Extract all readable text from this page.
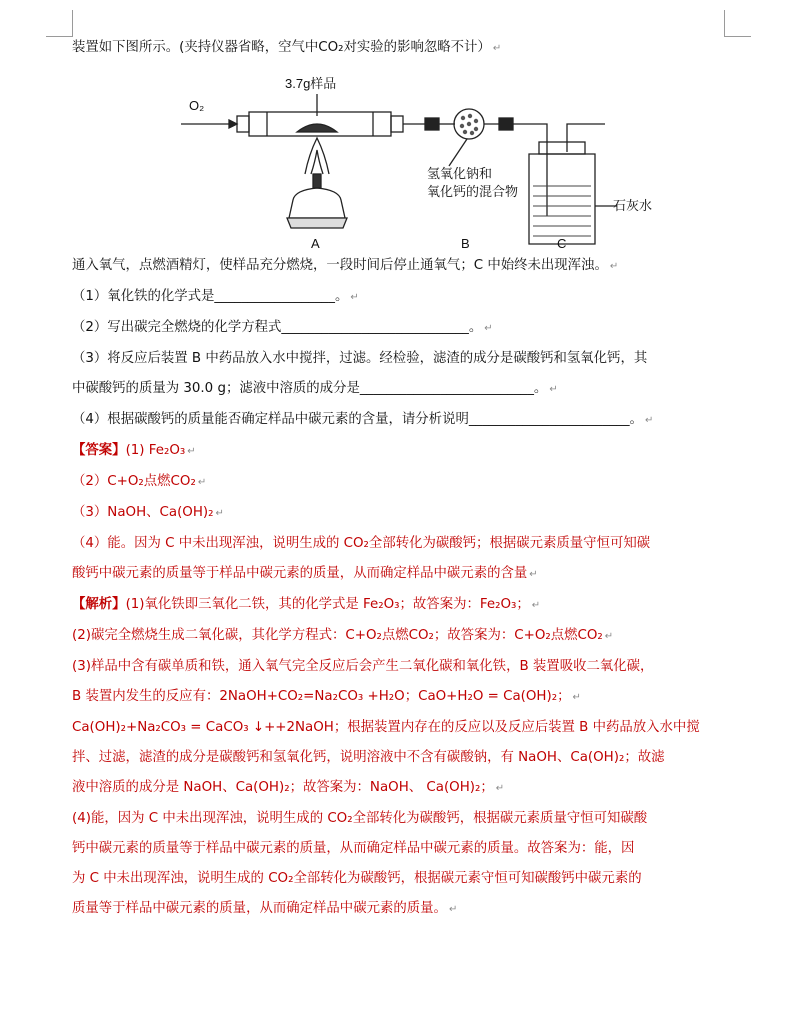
装置如下图所示。(夹持仪器省略，空气中CO₂对实验的影响忽略不计） ↵
O₂
3.7g样品
氢氧化钠和
氧化钙的混合物
石灰水
A	B	C
通入氧气，点燃酒精灯，使样品充分燃烧，一段时间后停止通氧气；C 中始终未出现浑浊。 ↵
（1）氧化铁的化学式是__________________。 ↵
（2）写出碳完全燃烧的化学方程式____________________________。 ↵
（3）将反应后装置 B 中药品放入水中搅拌，过滤。经检验，滤渣的成分是碳酸钙和氢氧化钙，其
中碳酸钙的质量为 30.0 g；滤液中溶质的成分是__________________________。 ↵
（4）根据碳酸钙的质量能否确定样品中碳元素的含量，请分析说明________________________。 ↵
【答案】(1) Fe₂O₃ ↵
（2）C+O₂点燃CO₂ ↵
（3）NaOH、Ca(OH)₂ ↵
（4）能。因为 C 中未出现浑浊，说明生成的 CO₂全部转化为碳酸钙；根据碳元素质量守恒可知碳
酸钙中碳元素的质量等于样品中碳元素的质量，从而确定样品中碳元素的含量 ↵
【解析】(1)氧化铁即三氧化二铁，其的化学式是 Fe₂O₃；故答案为：Fe₂O₃； ↵
(2)碳完全燃烧生成二氧化碳，其化学方程式：C+O₂点燃CO₂；故答案为：C+O₂点燃CO₂ ↵
(3)样品中含有碳单质和铁，通入氧气完全反应后会产生二氧化碳和氧化铁，B 装置吸收二氧化碳，
B 装置内发生的反应有：2NaOH+CO₂=Na₂CO₃ +H₂O；CaO+H₂O = Ca(OH)₂； ↵
Ca(OH)₂+Na₂CO₃ = CaCO₃ ↓++2NaOH；根据装置内存在的反应以及反应后装置 B 中药品放入水中搅
拌、过滤，滤渣的成分是碳酸钙和氢氧化钙，说明溶液中不含有碳酸钠，有 NaOH、Ca(OH)₂；故滤
液中溶质的成分是 NaOH、Ca(OH)₂；故答案为：NaOH、 Ca(OH)₂； ↵
(4)能，因为 C 中未出现浑浊，说明生成的 CO₂全部转化为碳酸钙，根据碳元素质量守恒可知碳酸
钙中碳元素的质量等于样品中碳元素的质量，从而确定样品中碳元素的质量。故答案为：能，因
为 C 中未出现浑浊，说明生成的 CO₂全部转化为碳酸钙，根据碳元素守恒可知碳酸钙中碳元素的
质量等于样品中碳元素的质量，从而确定样品中碳元素的质量。 ↵
